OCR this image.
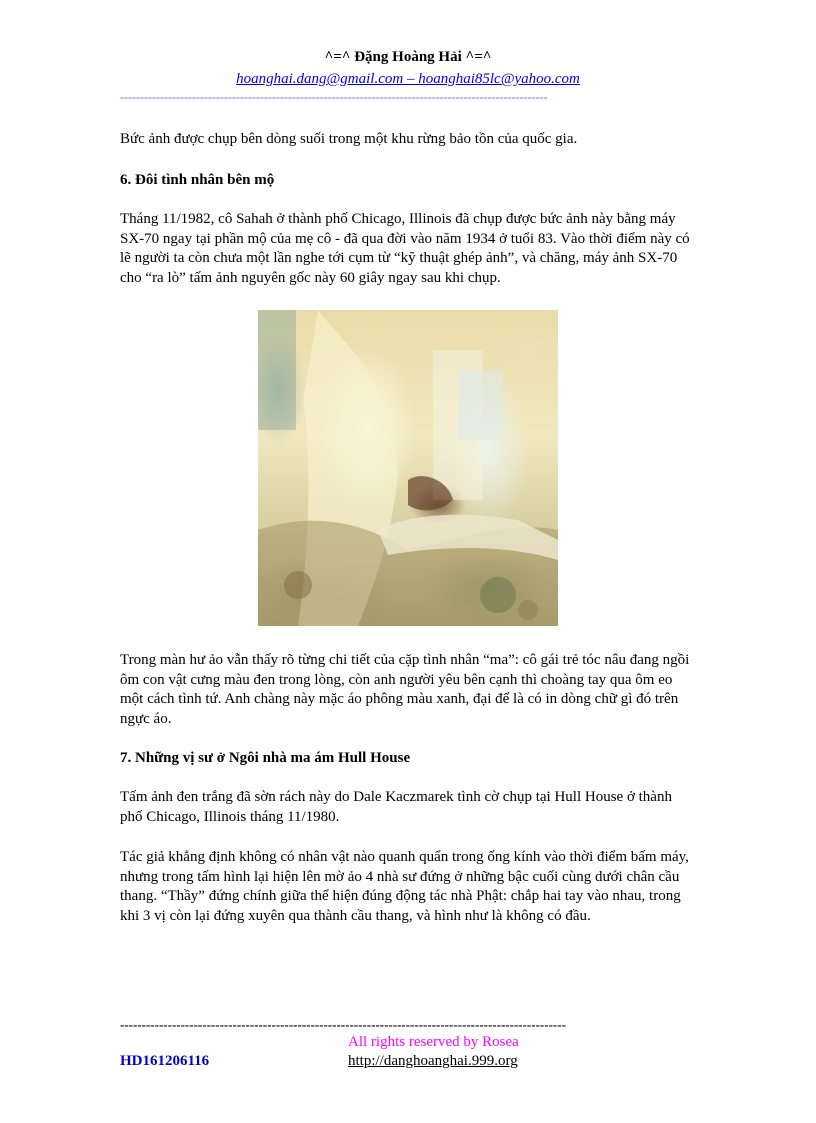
^=^ Đặng Hoàng Hải ^=^
hoanghai.dang@gmail.com – hoanghai85lc@yahoo.com
-----------------------------------------------------------------------------------------------------------
Bức ảnh được chụp bên dòng suối trong một khu rừng bảo tồn của quốc gia.
6. Đôi tình nhân bên mộ
Tháng 11/1982, cô Sahah ở thành phố Chicago, Illinois đã chụp được bức ảnh này bằng máy SX-70 ngay tại phần mộ của mẹ cô - đã qua đời vào năm 1934 ở tuổi 83. Vào thời điểm này có lẽ người ta còn chưa một lần nghe tới cụm từ “kỹ thuật ghép ảnh”, và chăng, máy ảnh SX-70 cho “ra lò” tấm ảnh nguyên gốc này 60 giây ngay sau khi chụp.
Trong màn hư ảo vẫn thấy rõ từng chi tiết của cặp tình nhân “ma”: cô gái trẻ tóc nâu đang ngồi ôm con vật cưng màu đen trong lòng, còn anh người yêu bên cạnh thì choàng tay qua ôm eo một cách tình tứ. Anh chàng này mặc áo phông màu xanh, đại để là có in dòng chữ gì đó trên ngực áo.
7. Những vị sư ở Ngôi nhà ma ám Hull House
Tấm ảnh đen trắng đã sờn rách này do Dale Kaczmarek tình cờ chụp tại Hull House ở thành phố Chicago, Illinois tháng 11/1980.
Tác giả khẳng định không có nhân vật nào quanh quẩn trong ống kính vào thời điểm bấm máy, nhưng trong tấm hình lại hiện lên mờ ảo 4 nhà sư đứng ở những bậc cuối cùng dưới chân cầu thang. “Thầy” đứng chính giữa thể hiện đúng động tác nhà Phật: chắp hai tay vào nhau, trong khi 3 vị còn lại đứng xuyên qua thành cầu thang, và hình như là không có đầu.
-------------------------------------------------------------------------------------------------------
All rights reserved by Rosea
HD161206116	http://danghoanghai.999.org
